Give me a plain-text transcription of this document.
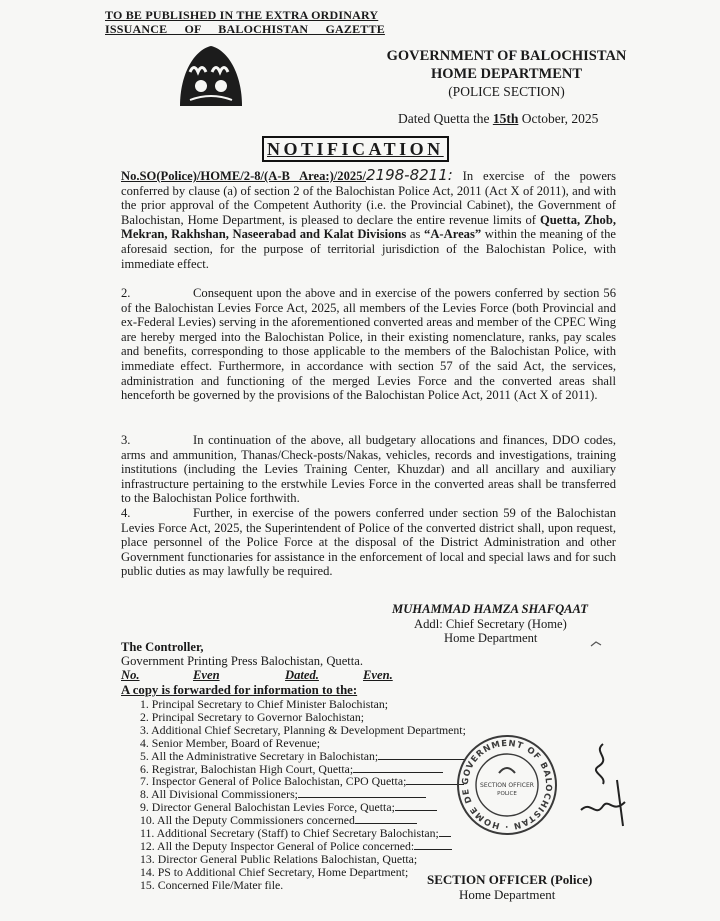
TO BE PUBLISHED IN THE EXTRA ORDINARY
ISSUANCE OF BALOCHISTAN GAZETTE
GOVERNMENT OF BALOCHISTAN
HOME DEPARTMENT
(POLICE SECTION)
Dated Quetta the 15th October, 2025
NOTIFICATION
No.SO(Police)/HOME/2-8/(A-B Area:)/2025/2198-8211: In exercise of the powers conferred by clause (a) of section 2 of the Balochistan Police Act, 2011 (Act X of 2011), and with the prior approval of the Competent Authority (i.e. the Provincial Cabinet), the Government of Balochistan, Home Department, is pleased to declare the entire revenue limits of Quetta, Zhob, Mekran, Rakhshan, Naseerabad and Kalat Divisions as “A-Areas” within the meaning of the aforesaid section, for the purpose of territorial jurisdiction of the Balochistan Police, with immediate effect.
2.	Consequent upon the above and in exercise of the powers conferred by section 56 of the Balochistan Levies Force Act, 2025, all members of the Levies Force (both Provincial and ex-Federal Levies) serving in the aforementioned converted areas and member of the CPEC Wing are hereby merged into the Balochistan Police, in their existing nomenclature, ranks, pay scales and benefits, corresponding to those applicable to the members of the Balochistan Police, with immediate effect. Furthermore, in accordance with section 57 of the said Act, the services, administration and functioning of the merged Levies Force and the converted areas shall henceforth be governed by the provisions of the Balochistan Police Act, 2011 (Act X of 2011).
3.	In continuation of the above, all budgetary allocations and finances, DDO codes, arms and ammunition, Thanas/Check-posts/Nakas, vehicles, records and investigations, training institutions (including the Levies Training Center, Khuzdar) and all ancillary and auxiliary infrastructure pertaining to the erstwhile Levies Force in the converted areas shall be transferred to the Balochistan Police forthwith.
4.	Further, in exercise of the powers conferred under section 59 of the Balochistan Levies Force Act, 2025, the Superintendent of Police of the converted district shall, upon request, place personnel of the Police Force at the disposal of the District Administration and other Government functionaries for assistance in the enforcement of local and special laws and for such public duties as may lawfully be required.
MUHAMMAD HAMZA SHAFQAAT
Addl: Chief Secretary (Home)
Home Department
The Controller,
Government Printing Press Balochistan, Quetta.
No.	Even	Dated.	Even.
A copy is forwarded for information to the:
1. Principal Secretary to Chief Minister Balochistan;
2. Principal Secretary to Governor Balochistan;
3. Additional Chief Secretary, Planning & Development Department;
4. Senior Member, Board of Revenue;
5. All the Administrative Secretary in Balochistan;
6. Registrar, Balochistan High Court, Quetta;
7. Inspector General of Police Balochistan, CPO Quetta;
8. All Divisional Commissioners;
9. Director General Balochistan Levies Force, Quetta;
10. All the Deputy Commissioners concerned
11. Additional Secretary (Staff) to Chief Secretary Balochistan;
12. All the Deputy Inspector General of Police concerned:
13. Director General Public Relations Balochistan, Quetta;
14. PS to Additional Chief Secretary, Home Department;
15. Concerned File/Mater file.
GOVERNMENT OF BALOCHISTAN · HOME DE
SECTION OFFICER
POLICE
SECTION OFFICER (Police)
Home Department
